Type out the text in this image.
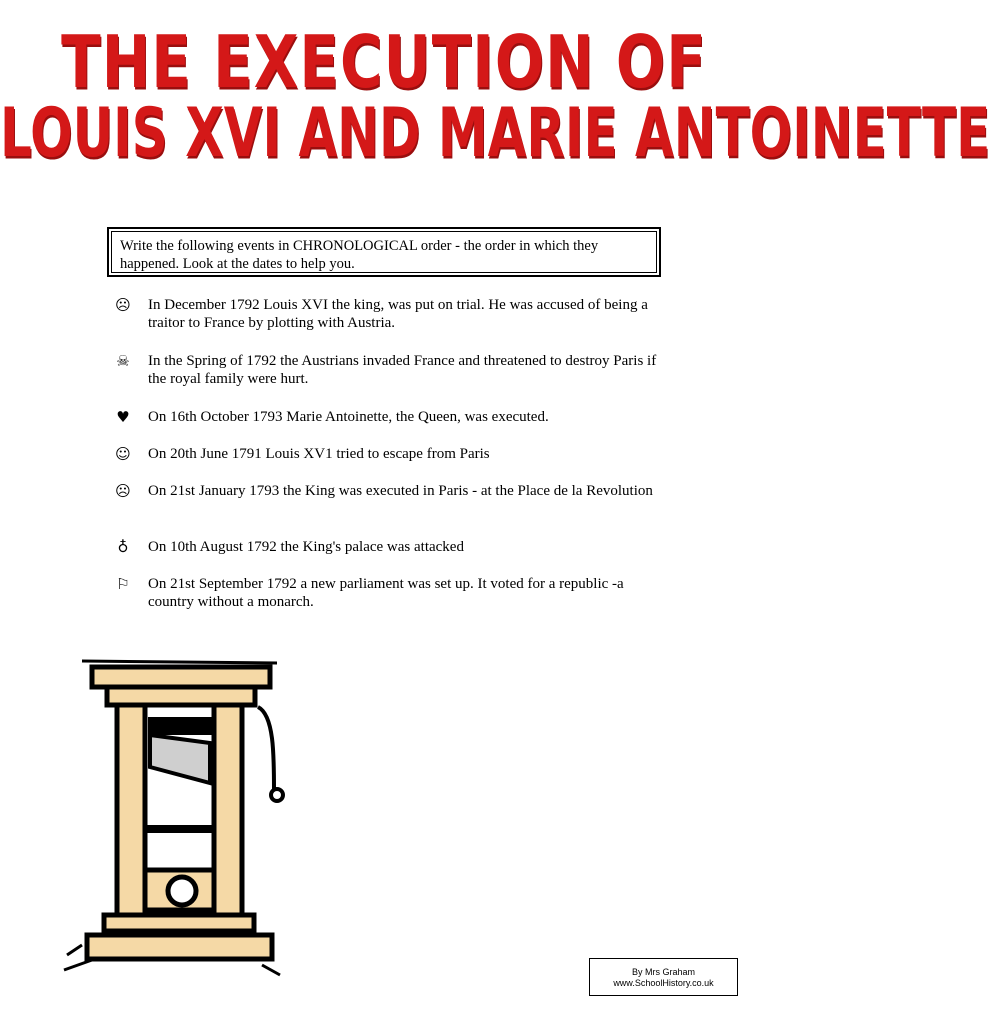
THE EXECUTION OF
LOUIS XVI AND MARIE ANTOINETTE
Write the following events in CHRONOLOGICAL order - the order in which they happened. Look at the dates to help you.
☹ In December 1792 Louis XVI the king, was put on trial. He was accused of being a traitor to France by plotting with Austria.
☠ In the Spring of 1792 the Austrians invaded France and threatened to destroy Paris if the royal family were hurt.
♥ On 16th October 1793 Marie Antoinette, the Queen, was executed.
☺ On 20th June 1791 Louis XV1 tried to escape from Paris
☹ On 21st January 1793 the King was executed in Paris - at the Place de la Revolution
♁	On 10th August 1792 the King's palace was attacked
⚐ On 21st September 1792 a new parliament was set up. It voted for a republic -a country without a monarch.
By Mrs Graham
www.SchoolHistory.co.uk
